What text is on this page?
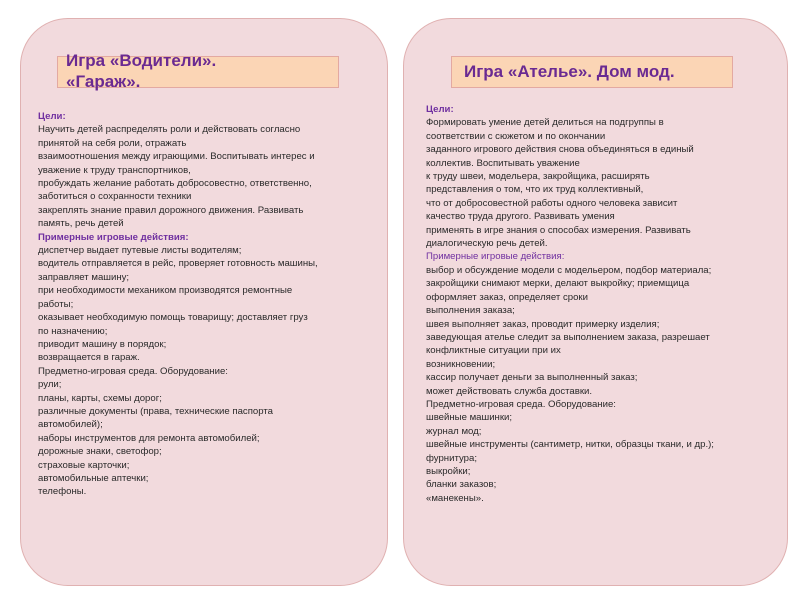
Игра «Водители».
«Гараж».
Цели:
Научить детей распределять роли и действовать согласно
принятой на себя роли, отражать
взаимоотношения между играющими. Воспитывать интерес и
уважение к труду транспортников,
пробуждать желание работать добросовестно, ответственно,
заботиться о сохранности техники
закреплять знание правил дорожного движения. Развивать
память, речь детей
Примерные игровые действия:
диспетчер выдает путевые листы водителям;
водитель отправляется в рейс, проверяет готовность машины,
заправляет машину;
при необходимости механиком производятся ремонтные
работы;
оказывает необходимую помощь товарищу; доставляет груз
по назначению;
приводит машину в порядок;
возвращается в гараж.
Предметно-игровая среда. Оборудование:
рули;
планы, карты, схемы дорог;
различные документы (права, технические паспорта
автомобилей);
наборы инструментов для ремонта автомобилей;
дорожные знаки, светофор;
страховые карточки;
автомобильные аптечки;
телефоны.
Игра «Ателье». Дом мод.
Цели:
Формировать умение детей делиться на подгруппы в
соответствии с сюжетом и по окончании
заданного игрового действия снова объединяться в единый
коллектив. Воспитывать уважение
к труду швеи, модельера, закройщика, расширять
представления о том, что их труд коллективный,
что от добросовестной работы одного человека зависит
качество труда другого. Развивать умения
применять в игре знания о способах измерения. Развивать
диалогическую речь детей.
Примерные игровые действия:
выбор и обсуждение модели с модельером, подбор материала;
закройщики снимают мерки, делают выкройку; приемщица
оформляет заказ, определяет сроки
выполнения заказа;
швея выполняет заказ, проводит примерку изделия;
заведующая ателье следит за выполнением заказа, разрешает
конфликтные ситуации при их
возникновении;
кассир получает деньги за выполненный заказ;
может действовать служба доставки.
Предметно-игровая среда. Оборудование:
швейные машинки;
журнал мод;
швейные инструменты (сантиметр, нитки, образцы ткани, и др.);
фурнитура;
выкройки;
бланки заказов;
«манекены».
